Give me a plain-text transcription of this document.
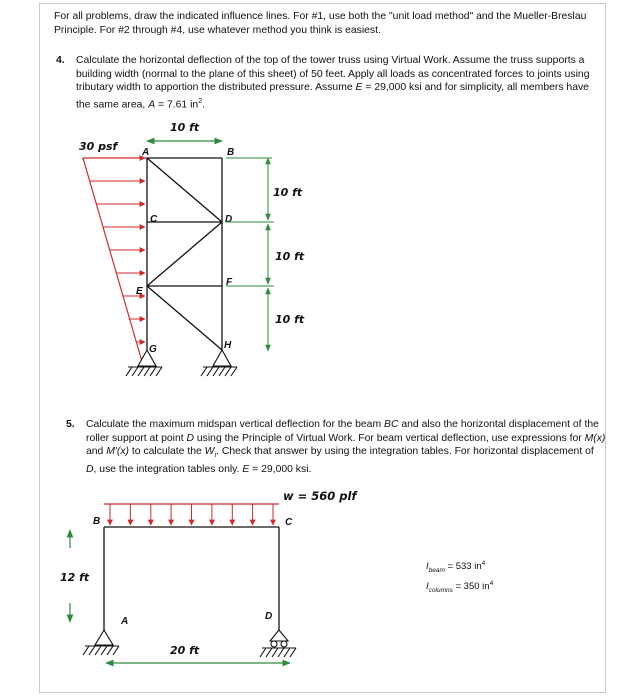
For all problems, draw the indicated influence lines. For #1, use both the "unit load method" and the Mueller-Breslau Principle. For #2 through #4, use whatever method you think is easiest.
4. Calculate the horizontal deflection of the top of the tower truss using Virtual Work. Assume the truss supports a building width (normal to the plane of this sheet) of 50 feet. Apply all loads as concentrated forces to joints using tributary width to apportion the distributed pressure. Assume E = 29,000 ksi and for simplicity, all members have the same area, A = 7.61 $in^2$.
5. Calculate the maximum midspan vertical deflection for the beam BC and also the horizontal displacement of the roller support at point D using the Principle of Virtual Work. For beam vertical deflection, use expressions for M(x) and M'(x) to calculate the $W_i$. Check that answer by using the integration tables. For horizontal displacement of D, use the integration tables only. E = 29,000 ksi.
10 ft
30 psf A	B
C	D
E
F
G	H
10 ft
10 ft
10 ft
w = 560 plf
B	C
A	D
12 ft
20 ft
$I_{beam} = 533$ $in^4$
$I_{columns} = 350$ $in^4$
